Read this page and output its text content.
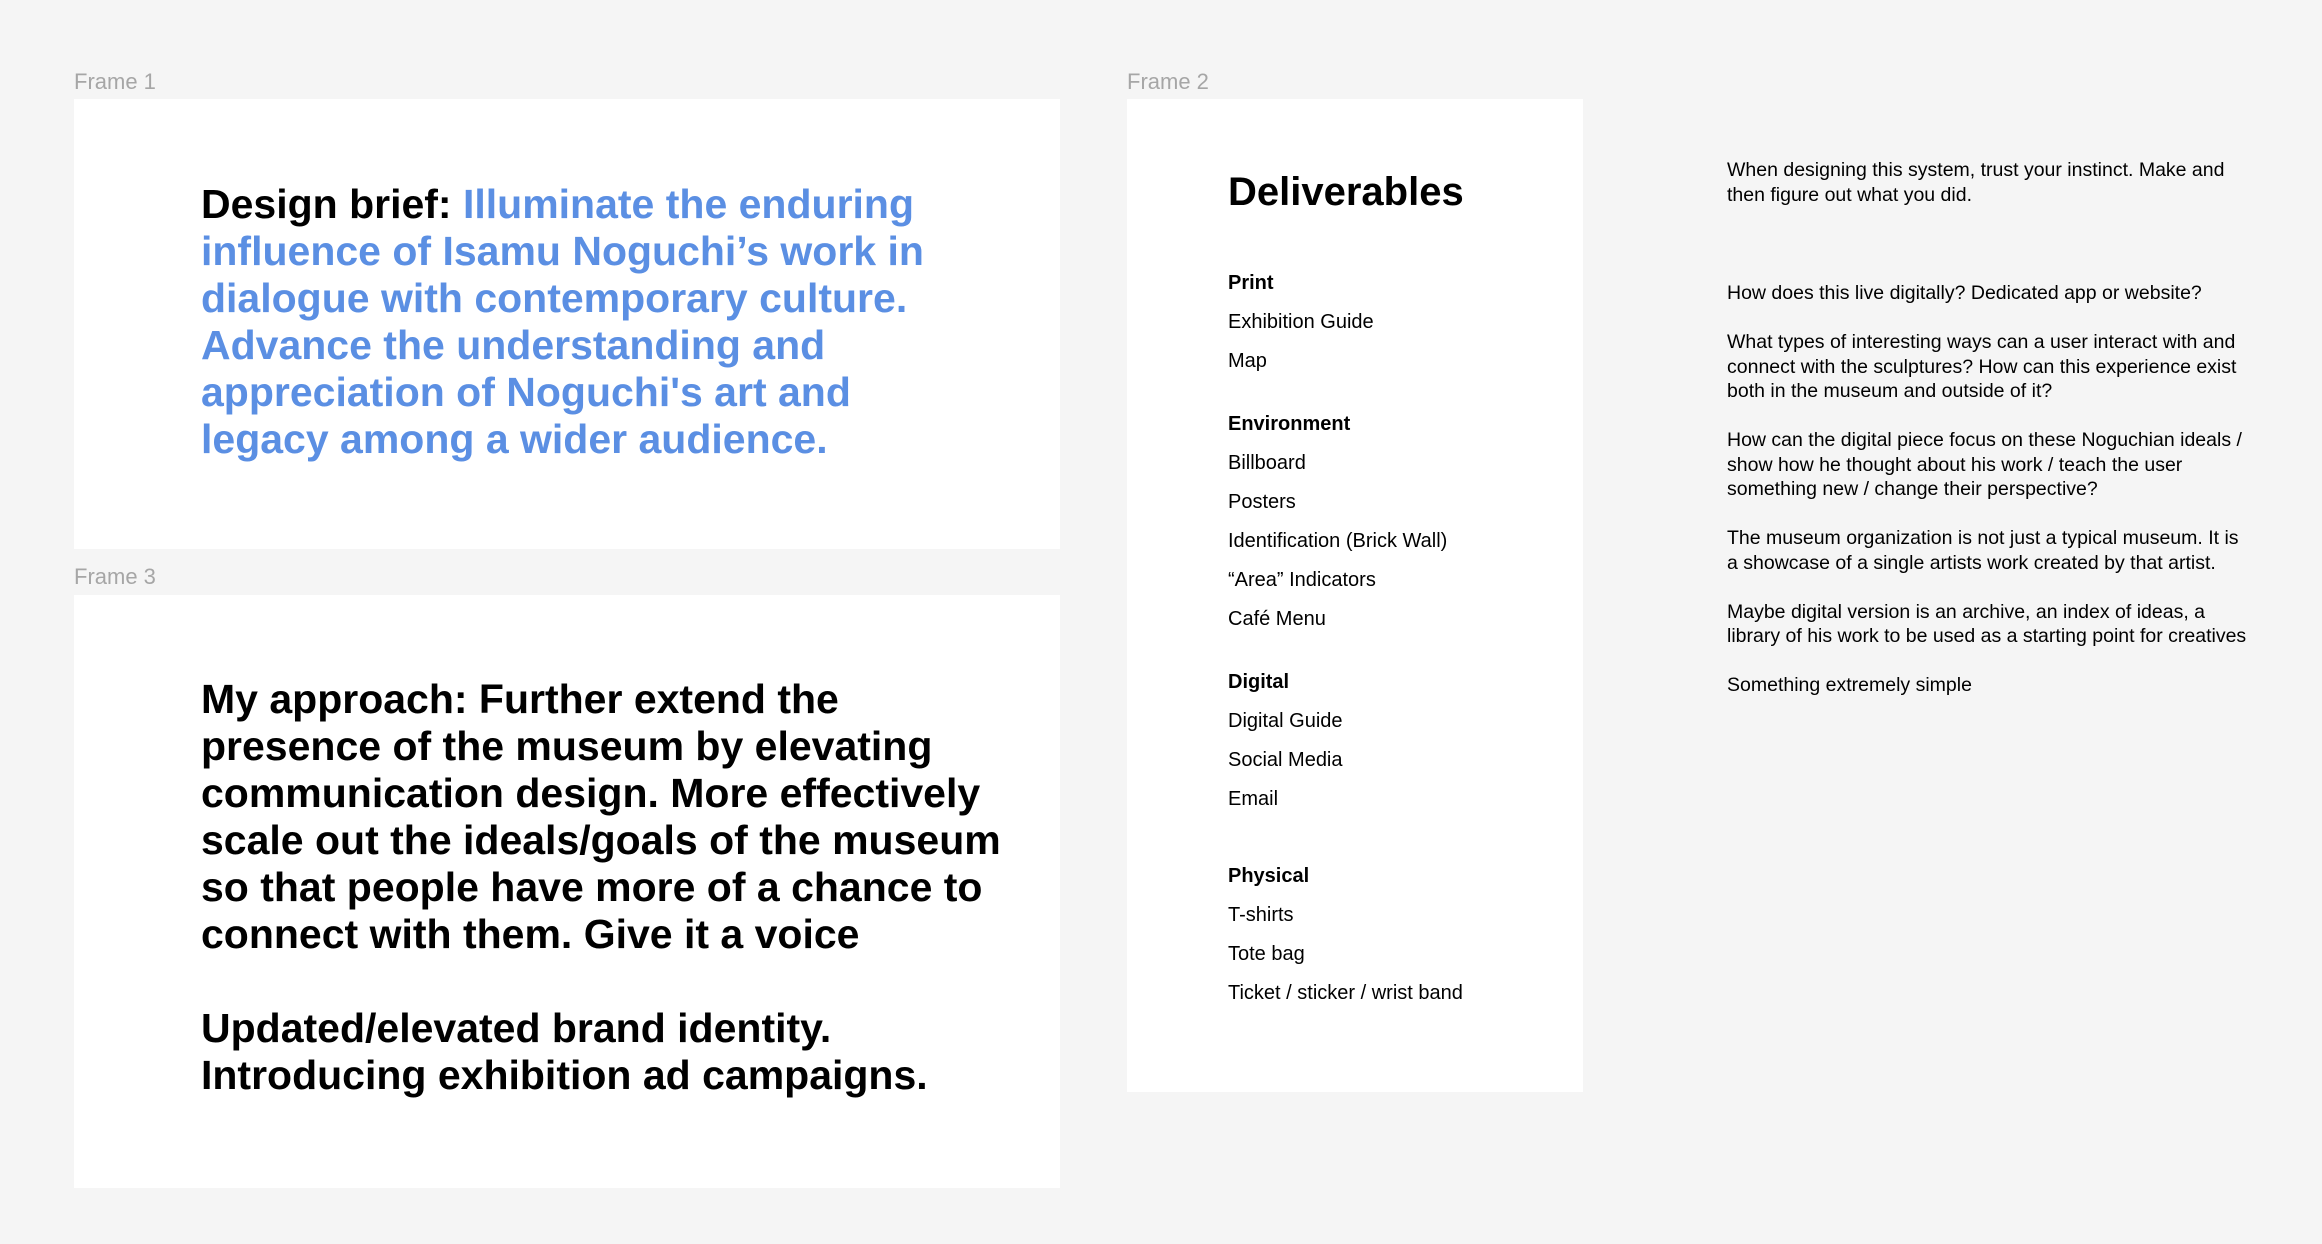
Frame 1
Design brief: Illuminate the enduring influence of Isamu Noguchi’s work in dialogue with contemporary culture. Advance the understanding and appreciation of Noguchi's art and legacy among a wider audience.
Frame 3

My approach: Further extend the presence of the museum by elevating communication design. More effectively scale out the ideals/goals of the museum so that people have more of a chance to connect with them. Give it a voice

Updated/elevated brand identity. Introducing exhibition ad campaigns.

Frame 2
Deliverables
Print
Exhibition Guide
Map
Environment
Billboard
Posters
Identification (Brick Wall)
“Area” Indicators
Café Menu
Digital
Digital Guide
Social Media
Email
Physical
T-shirts
Tote bag
Ticket / sticker / wrist band

When designing this system, trust your instinct. Make and then figure out what you did.

How does this live digitally? Dedicated app or website?

What types of interesting ways can a user interact with and connect with the sculptures? How can this experience exist both in the museum and outside of it?

How can the digital piece focus on these Noguchian ideals / show how he thought about his work / teach the user something new / change their perspective?

The museum organization is not just a typical museum. It is a showcase of a single artists work created by that artist.

Maybe digital version is an archive, an index of ideas, a library of his work to be used as a starting point for creatives

Something extremely simple
